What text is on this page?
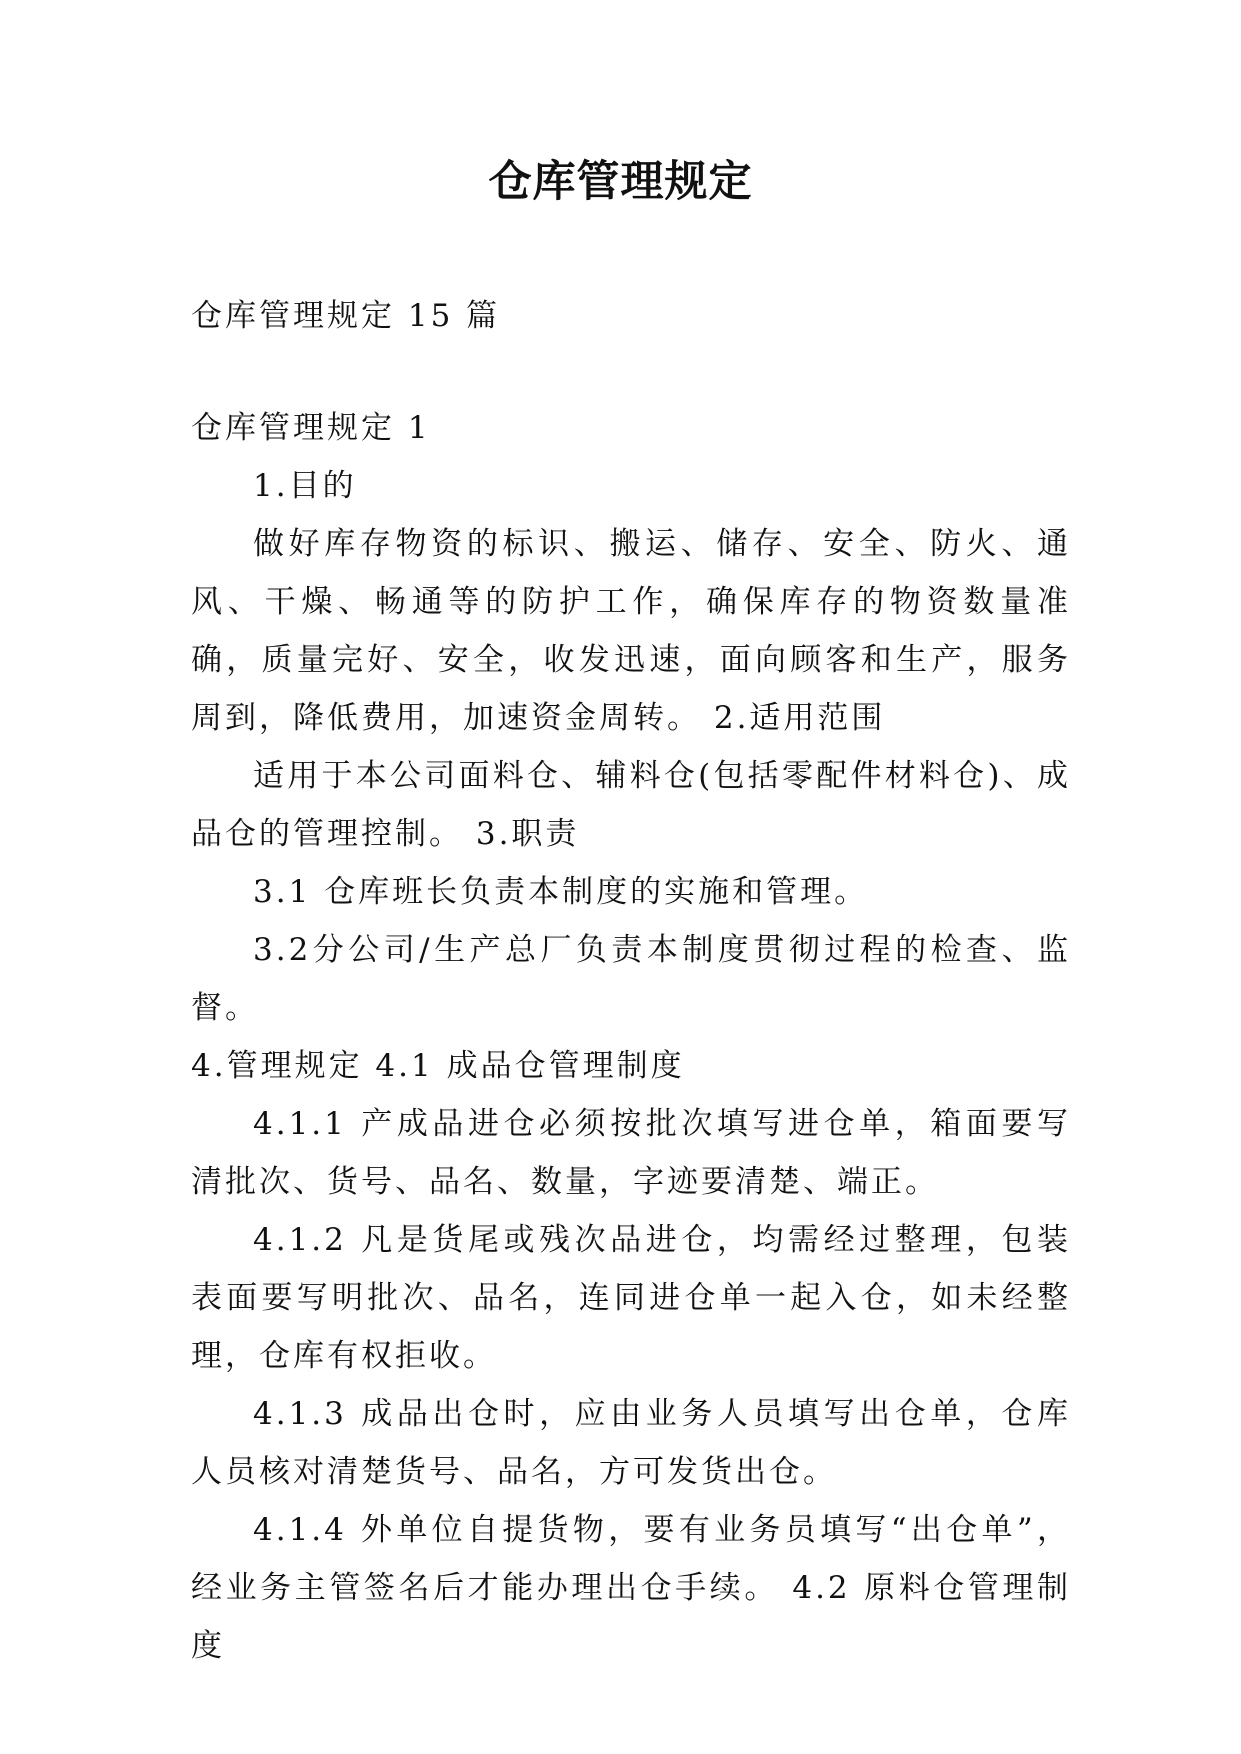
仓库管理规定
仓库管理规定 15 篇

仓库管理规定 1

1.目的

做好库存物资的标识、搬运、储存、安全、防火、通风、干燥、畅通等的防护工作，确保库存的物资数量准确，质量完好、安全，收发迅速，面向顾客和生产，服务周到，降低费用，加速资金周转。 2.适用范围

适用于本公司面料仓、辅料仓(包括零配件材料仓)、成品仓的管理控制。 3.职责

3.1 仓库班长负责本制度的实施和管理。

3.2分公司/生产总厂负责本制度贯彻过程的检查、监督。

4.管理规定 4.1 成品仓管理制度

4.1.1 产成品进仓必须按批次填写进仓单，箱面要写清批次、货号、品名、数量，字迹要清楚、端正。

4.1.2 凡是货尾或残次品进仓，均需经过整理，包装表面要写明批次、品名，连同进仓单一起入仓，如未经整理，仓库有权拒收。

4.1.3 成品出仓时，应由业务人员填写出仓单，仓库人员核对清楚货号、品名，方可发货出仓。

4.1.4 外单位自提货物，要有业务员填写“出仓单”，经业务主管签名后才能办理出仓手续。 4.2 原料仓管理制度
